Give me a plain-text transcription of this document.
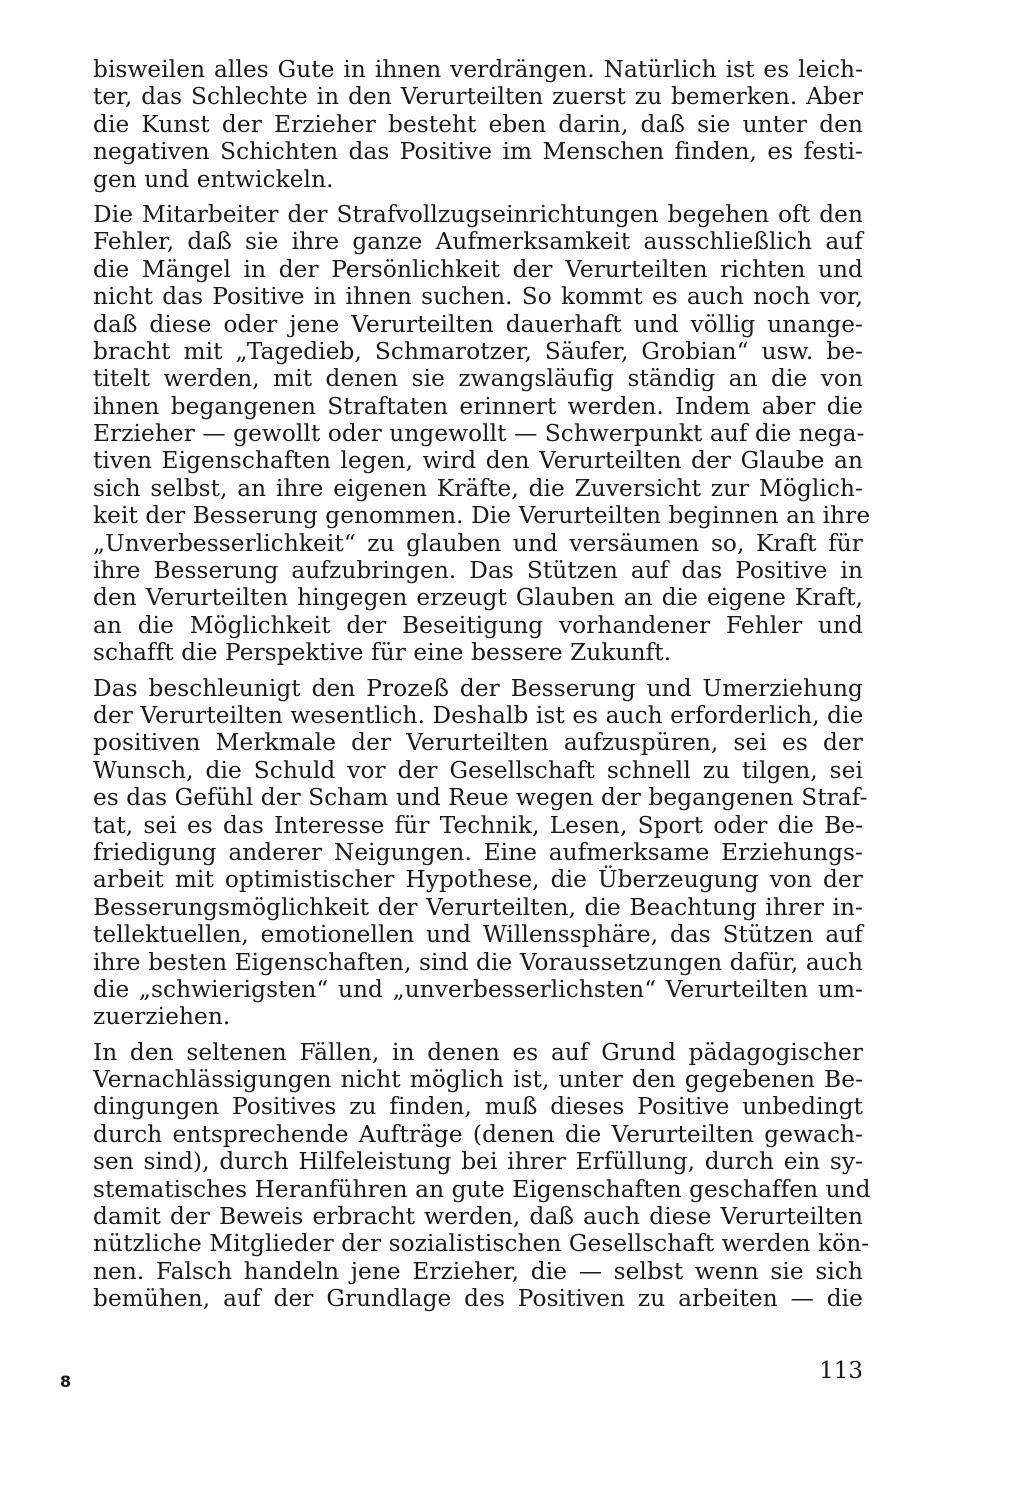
bisweilen alles Gute in ihnen verdrängen. Natürlich ist es leich-
ter, das Schlechte in den Verurteilten zuerst zu bemerken. Aber
die Kunst der Erzieher besteht eben darin, daß sie unter den
negativen Schichten das Positive im Menschen finden, es festi-
gen und entwickeln.
Die Mitarbeiter der Strafvollzugseinrichtungen begehen oft den
Fehler, daß sie ihre ganze Aufmerksamkeit ausschließlich auf
die Mängel in der Persönlichkeit der Verurteilten richten und
nicht das Positive in ihnen suchen. So kommt es auch noch vor,
daß diese oder jene Verurteilten dauerhaft und völlig unange-
bracht mit „Tagedieb, Schmarotzer, Säufer, Grobian“ usw. be-
titelt werden, mit denen sie zwangsläufig ständig an die von
ihnen begangenen Straftaten erinnert werden. Indem aber die
Erzieher — gewollt oder ungewollt — Schwerpunkt auf die nega-
tiven Eigenschaften legen, wird den Verurteilten der Glaube an
sich selbst, an ihre eigenen Kräfte, die Zuversicht zur Möglich-
keit der Besserung genommen. Die Verurteilten beginnen an ihre
„Unverbesserlichkeit“ zu glauben und versäumen so, Kraft für
ihre Besserung aufzubringen. Das Stützen auf das Positive in
den Verurteilten hingegen erzeugt Glauben an die eigene Kraft,
an die Möglichkeit der Beseitigung vorhandener Fehler und
schafft die Perspektive für eine bessere Zukunft.
Das beschleunigt den Prozeß der Besserung und Umerziehung
der Verurteilten wesentlich. Deshalb ist es auch erforderlich, die
positiven Merkmale der Verurteilten aufzuspüren, sei es der
Wunsch, die Schuld vor der Gesellschaft schnell zu tilgen, sei
es das Gefühl der Scham und Reue wegen der begangenen Straf-
tat, sei es das Interesse für Technik, Lesen, Sport oder die Be-
friedigung anderer Neigungen. Eine aufmerksame Erziehungs-
arbeit mit optimistischer Hypothese, die Überzeugung von der
Besserungsmöglichkeit der Verurteilten, die Beachtung ihrer in-
tellektuellen, emotionellen und Willenssphäre, das Stützen auf
ihre besten Eigenschaften, sind die Voraussetzungen dafür, auch
die „schwierigsten“ und „unverbesserlichsten“ Verurteilten um-
zuerziehen.
In den seltenen Fällen, in denen es auf Grund pädagogischer
Vernachlässigungen nicht möglich ist, unter den gegebenen Be-
dingungen Positives zu finden, muß dieses Positive unbedingt
durch entsprechende Aufträge (denen die Verurteilten gewach-
sen sind), durch Hilfeleistung bei ihrer Erfüllung, durch ein sy-
stematisches Heranführen an gute Eigenschaften geschaffen und
damit der Beweis erbracht werden, daß auch diese Verurteilten
nützliche Mitglieder der sozialistischen Gesellschaft werden kön-
nen. Falsch handeln jene Erzieher, die — selbst wenn sie sich
bemühen, auf der Grundlage des Positiven zu arbeiten — die
8	113
